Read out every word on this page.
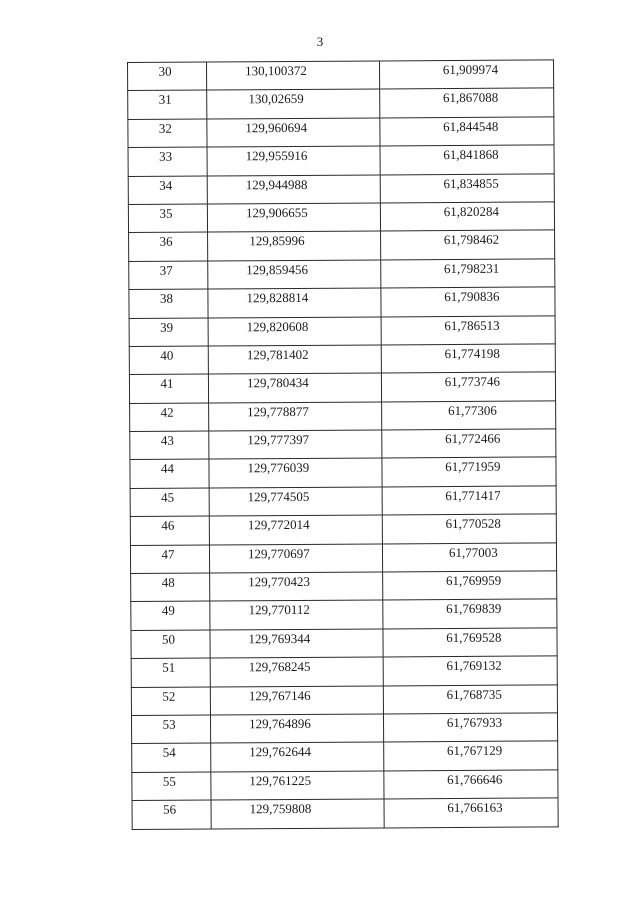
3
30	130,100372	61,909974

31	130,02659	61,867088

32	129,960694	61,844548

33	129,955916	61,841868

34	129,944988	61,834855

35	129,906655	61,820284

36	129,85996	61,798462

37	129,859456	61,798231

38	129,828814	61,790836

39	129,820608	61,786513

40	129,781402	61,774198

41	129,780434	61,773746

42	129,778877	61,77306

43	129,777397	61,772466

44	129,776039	61,771959

45	129,774505	61,771417

46	129,772014	61,770528

47	129,770697	61,77003

48	129,770423	61,769959

49	129,770112	61,769839

50	129,769344	61,769528

51	129,768245	61,769132

52	129,767146	61,768735

53	129,764896	61,767933

54	129,762644	61,767129

55	129,761225	61,766646

56	129,759808	61,766163
